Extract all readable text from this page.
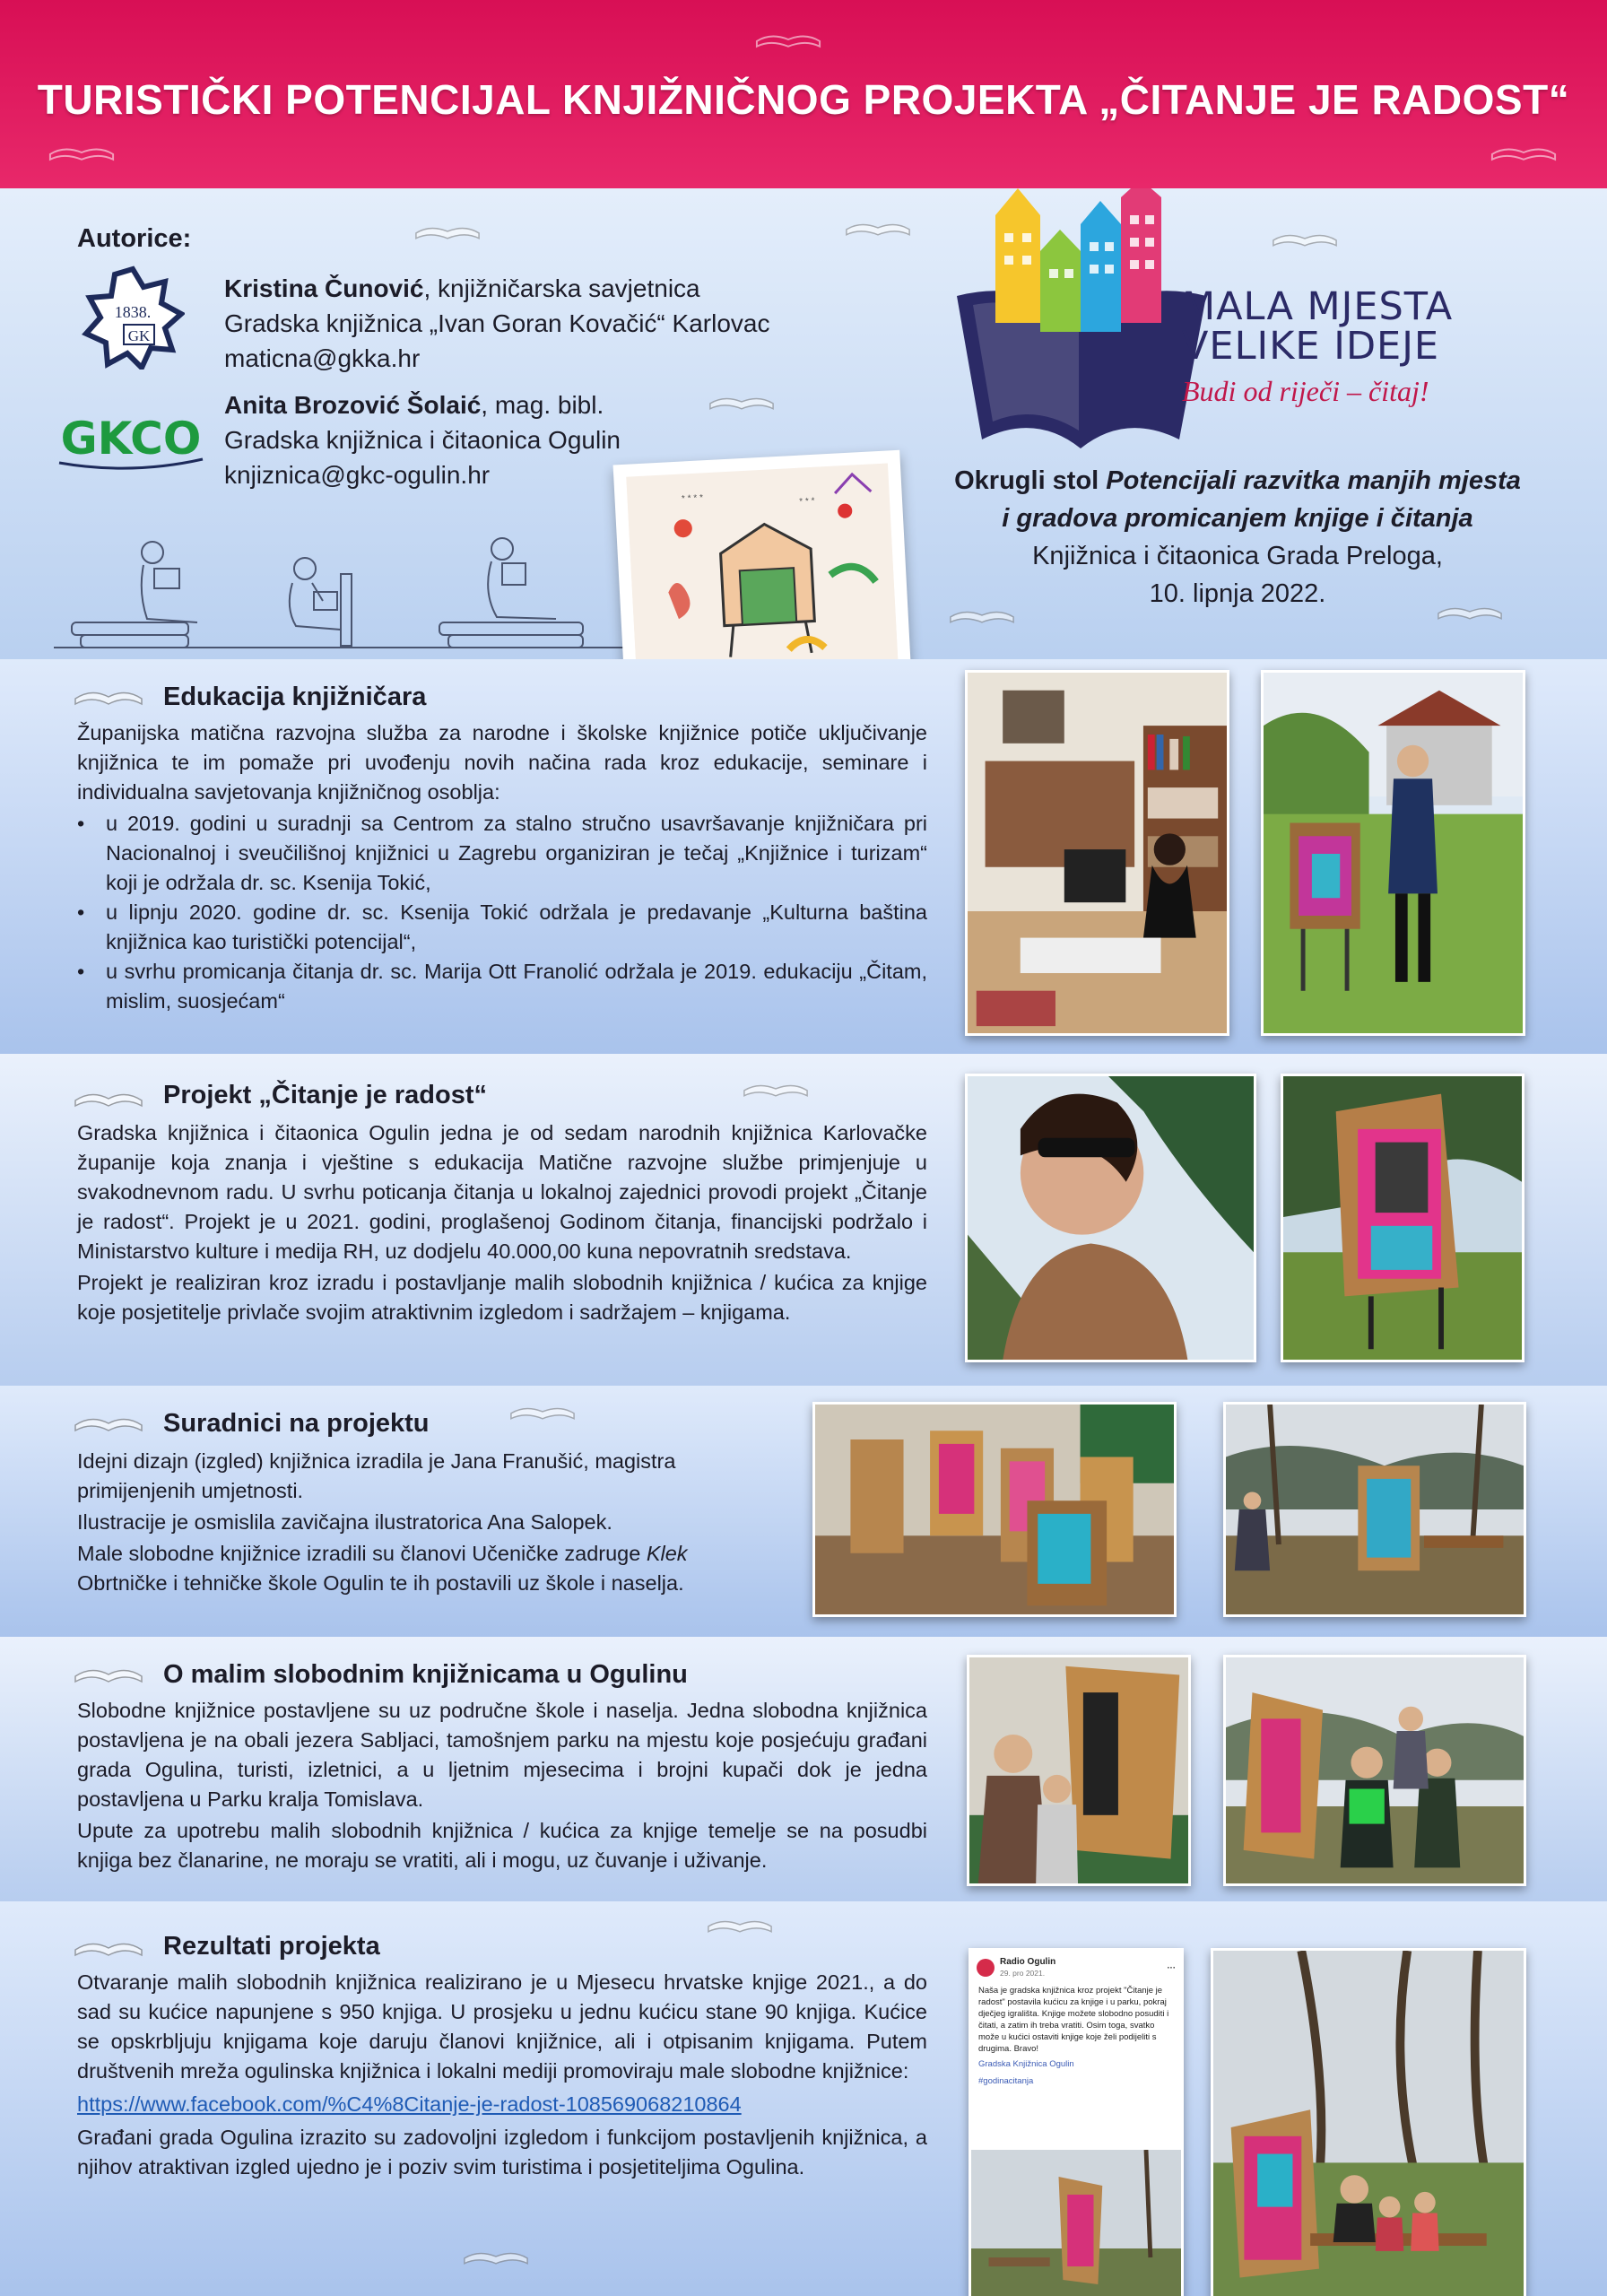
TURISTIČKI POTENCIJAL KNJIŽNIČNOG PROJEKTA „ČITANJE JE RADOST“
Autorice:
1838.
GK
GKCO
Kristina Čunović, knjižničarska savjetnica
Gradska knjižnica „Ivan Goran Kovačić“ Karlovac
maticna@gkka.hr
Anita Brozović Šolaić, mag. bibl.
Gradska knjižnica i čitaonica Ogulin
knjiznica@gkc-ogulin.hr
* * * *	* * *
MALA MJESTA
VELIKE IDEJE
Budi od riječi – čitaj!
Okrugli stol Potencijali razvitka manjih mjesta
i gradova promicanjem knjige i čitanja
Knjižnica i čitaonica Grada Preloga,
10. lipnja 2022.
Edukacija knjižničara

Županijska matična razvojna služba za narodne i školske knjižnice potiče uključivanje knjižnica te im pomaže pri uvođenju novih načina rada kroz edukacije, seminare i individualna savjetovanja knjižničnog osoblja:

• u 2019. godini u suradnji sa Centrom za stalno stručno usavršavanje knjižničara pri Nacionalnoj i sveučilišnoj knjižnici u Zagrebu organiziran je tečaj „Knjižnice i turizam“ koji je održala dr. sc. Ksenija Tokić,
• u lipnju 2020. godine dr. sc. Ksenija Tokić održala je predavanje „Kulturna baština knjižnica kao turistički potencijal“,
• u svrhu promicanja čitanja dr. sc. Marija Ott Franolić održala je 2019. edukaciju „Čitam, mislim, suosjećam“
Projekt „Čitanje je radost“

Gradska knjižnica i čitaonica Ogulin jedna je od sedam narodnih knjižnica Karlovačke županije koja znanja i vještine s edukacija Matične razvojne službe primjenjuje u svakodnevnom radu. U svrhu poticanja čitanja u lokalnoj zajednici provodi projekt „Čitanje je radost“. Projekt je u 2021. godini, proglašenoj Godinom čitanja, financijski podržalo i Ministarstvo kulture i medija RH, uz dodjelu 40.000,00 kuna nepovratnih sredstava.

Projekt je realiziran kroz izradu i postavljanje malih slobodnih knjižnica / kućica za knjige koje posjetitelje privlače svojim atraktivnim izgledom i sadržajem – knjigama.

Suradnici na projektu

Idejni dizajn (izgled) knjižnica izradila je Jana Franušić, magistra primijenjenih umjetnosti.

Ilustracije je osmislila zavičajna ilustratorica Ana Salopek.

Male slobodne knjižnice izradili su članovi Učeničke zadruge Klek
Obrtničke i tehničke škole Ogulin te ih postavili uz škole i naselja.

O malim slobodnim knjižnicama u Ogulinu

Slobodne knjižnice postavljene su uz područne škole i naselja. Jedna slobodna knjižnica postavljena je na obali jezera Sabljaci, tamošnjem parku na mjestu koje posjećuju građani grada Ogulina, turisti, izletnici, a u ljetnim mjesecima i brojni kupači dok je jedna postavljena u Parku kralja Tomislava.

Upute za upotrebu malih slobodnih knjižnica / kućica za knjige temelje se na posudbi knjiga bez članarine, ne moraju se vratiti, ali i mogu, uz čuvanje i uživanje.

Rezultati projekta

Otvaranje malih slobodnih knjižnica realizirano je u Mjesecu hrvatske knjige 2021., a do sad su kućice napunjene s 950 knjiga. U prosjeku u jednu kućicu stane 90 knjiga. Kućice se opskrbljuju knjigama koje daruju članovi knjižnice, ali i otpisanim knjigama. Putem društvenih mreža ogulinska knjižnica i lokalni mediji promoviraju male slobodne knjižnice:

https://www.facebook.com/%C4%8Citanje-je-radost-108569068210864

Građani grada Ogulina izrazito su zadovoljni izgledom i funkcijom postavljenih knjižnica, a njihov atraktivan izgled ujedno je i poziv svim turistima i posjetiteljima Ogulina.

Radio Ogulin
29. pro 2021.
···
Naša je gradska knjižnica kroz projekt "Čitanje je radost" postavila kućicu za knjige i u parku, pokraj dječjeg igrališta. Knjige možete slobodno posuditi i čitati, a zatim ih treba vratiti. Osim toga, svatko može u kućici ostaviti knjige koje želi podijeliti s drugima. Bravo!
Gradska Knjižnica Ogulin
#godinacitanja
